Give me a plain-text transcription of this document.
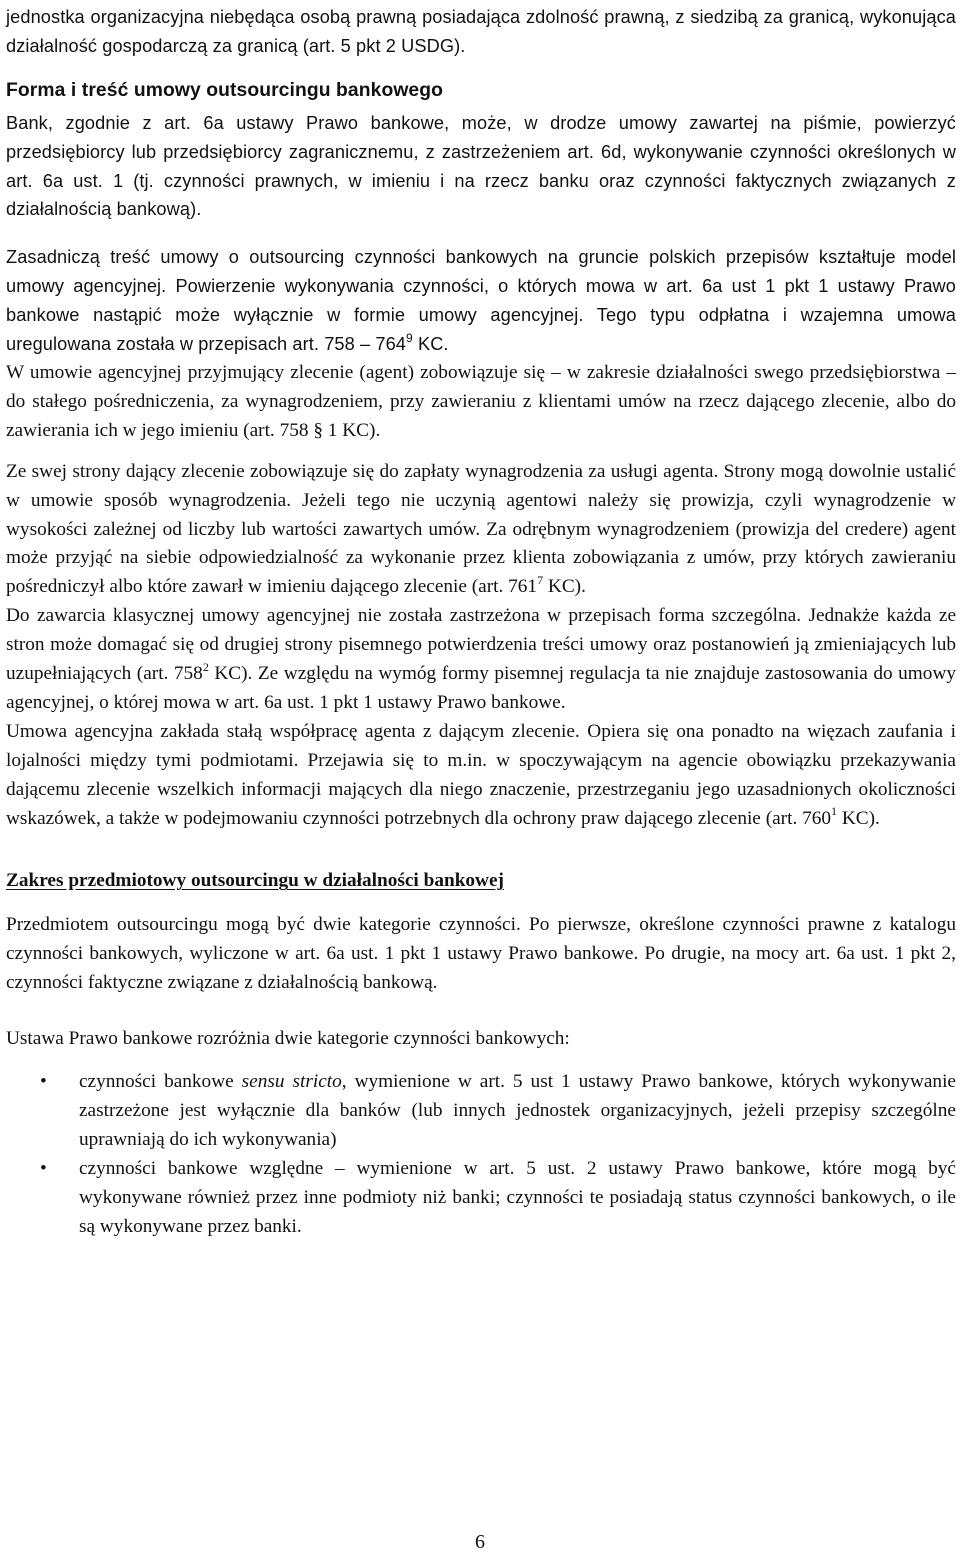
jednostka organizacyjna niebędąca osobą prawną posiadająca zdolność prawną, z siedzibą za granicą, wykonująca działalność gospodarczą za granicą (art. 5 pkt 2 USDG).

Forma i treść umowy outsourcingu bankowego

Bank, zgodnie z art. 6a ustawy Prawo bankowe, może, w drodze umowy zawartej na piśmie, powierzyć przedsiębiorcy lub przedsiębiorcy zagranicznemu, z zastrzeżeniem art. 6d, wykonywanie czynności określonych w art. 6a ust. 1 (tj. czynności prawnych, w imieniu i na rzecz banku oraz czynności faktycznych związanych z działalnością bankową).

Zasadniczą treść umowy o outsourcing czynności bankowych na gruncie polskich przepisów kształtuje model umowy agencyjnej. Powierzenie wykonywania czynności, o których mowa w art. 6a ust 1 pkt 1 ustawy Prawo bankowe nastąpić może wyłącznie w formie umowy agencyjnej. Tego typu odpłatna i wzajemna umowa uregulowana została w przepisach art. $758 - 764^9$ KC.

W umowie agencyjnej przyjmujący zlecenie (agent) zobowiązuje się – w zakresie działalności swego przedsiębiorstwa – do stałego pośredniczenia, za wynagrodzeniem, przy zawieraniu z klientami umów na rzecz dającego zlecenie, albo do zawierania ich w jego imieniu (art. 758 § 1 KC).

Ze swej strony dający zlecenie zobowiązuje się do zapłaty wynagrodzenia za usługi agenta. Strony mogą dowolnie ustalić w umowie sposób wynagrodzenia. Jeżeli tego nie uczynią agentowi należy się prowizja, czyli wynagrodzenie w wysokości zależnej od liczby lub wartości zawartych umów. Za odrębnym wynagrodzeniem (prowizja del credere) agent może przyjąć na siebie odpowiedzialność za wykonanie przez klienta zobowiązania z umów, przy których zawieraniu pośredniczył albo które zawarł w imieniu dającego zlecenie (art. $761^7$ KC).

Do zawarcia klasycznej umowy agencyjnej nie została zastrzeżona w przepisach forma szczególna. Jednakże każda ze stron może domagać się od drugiej strony pisemnego potwierdzenia treści umowy oraz postanowień ją zmieniających lub uzupełniających (art. $758^2$ KC). Ze względu na wymóg formy pisemnej regulacja ta nie znajduje zastosowania do umowy agencyjnej, o której mowa w art. 6a ust. 1 pkt 1 ustawy Prawo bankowe.

Umowa agencyjna zakłada stałą współpracę agenta z dającym zlecenie. Opiera się ona ponadto na więzach zaufania i lojalności między tymi podmiotami. Przejawia się to m.in. w spoczywającym na agencie obowiązku przekazywania dającemu zlecenie wszelkich informacji mających dla niego znaczenie, przestrzeganiu jego uzasadnionych okoliczności wskazówek, a także w podejmowaniu czynności potrzebnych dla ochrony praw dającego zlecenie (art. $760^1$ KC).

Zakres przedmiotowy outsourcingu w działalności bankowej

Przedmiotem outsourcingu mogą być dwie kategorie czynności. Po pierwsze, określone czynności prawne z katalogu czynności bankowych, wyliczone w art. 6a ust. 1 pkt 1 ustawy Prawo bankowe. Po drugie, na mocy art. 6a ust. 1 pkt 2, czynności faktyczne związane z działalnością bankową.

Ustawa Prawo bankowe rozróżnia dwie kategorie czynności bankowych:

• czynności bankowe sensu stricto, wymienione w art. 5 ust 1 ustawy Prawo bankowe, których wykonywanie zastrzeżone jest wyłącznie dla banków (lub innych jednostek organizacyjnych, jeżeli przepisy szczególne uprawniają do ich wykonywania)
• czynności bankowe względne – wymienione w art. 5 ust. 2 ustawy Prawo bankowe, które mogą być wykonywane również przez inne podmioty niż banki; czynności te posiadają status czynności bankowych, o ile są wykonywane przez banki.
6
